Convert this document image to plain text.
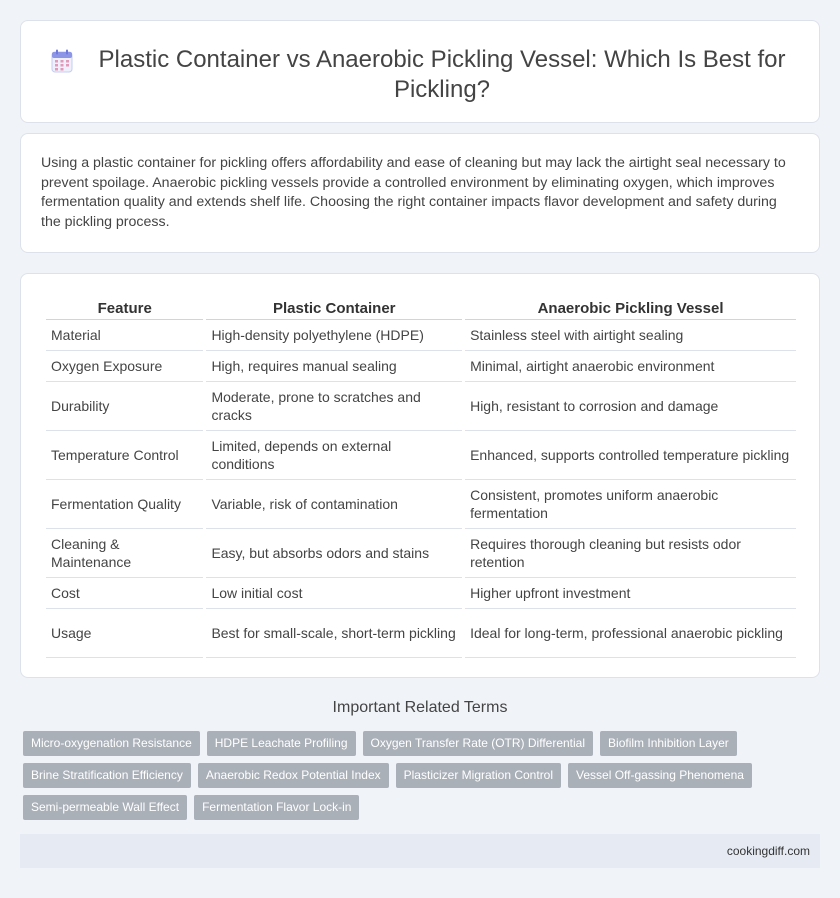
Plastic Container vs Anaerobic Pickling Vessel: Which Is Best for Pickling?

Using a plastic container for pickling offers affordability and ease of cleaning but may lack the airtight seal necessary to prevent spoilage. Anaerobic pickling vessels provide a controlled environment by eliminating oxygen, which improves fermentation quality and extends shelf life. Choosing the right container impacts flavor development and safety during the pickling process.

Feature	Plastic Container	Anaerobic Pickling Vessel
Material	High-density polyethylene (HDPE)	Stainless steel with airtight sealing
Oxygen Exposure	High, requires manual sealing	Minimal, airtight anaerobic environment
Durability	Moderate, prone to scratches and cracks	High, resistant to corrosion and damage
Temperature Control	Limited, depends on external conditions	Enhanced, supports controlled temperature pickling
Fermentation Quality	Variable, risk of contamination	Consistent, promotes uniform anaerobic fermentation
Cleaning & Maintenance	Easy, but absorbs odors and stains	Requires thorough cleaning but resists odor retention
Cost	Low initial cost	Higher upfront investment
Usage	Best for small-scale, short-term pickling	Ideal for long-term, professional anaerobic pickling
Important Related Terms
Micro-oxygenation Resistance	HDPE Leachate Profiling	Oxygen Transfer Rate (OTR) Differential	Biofilm Inhibition Layer
Brine Stratification Efficiency	Anaerobic Redox Potential Index	Plasticizer Migration Control	Vessel Off-gassing Phenomena
Semi-permeable Wall Effect	Fermentation Flavor Lock-in
cookingdiff.com
